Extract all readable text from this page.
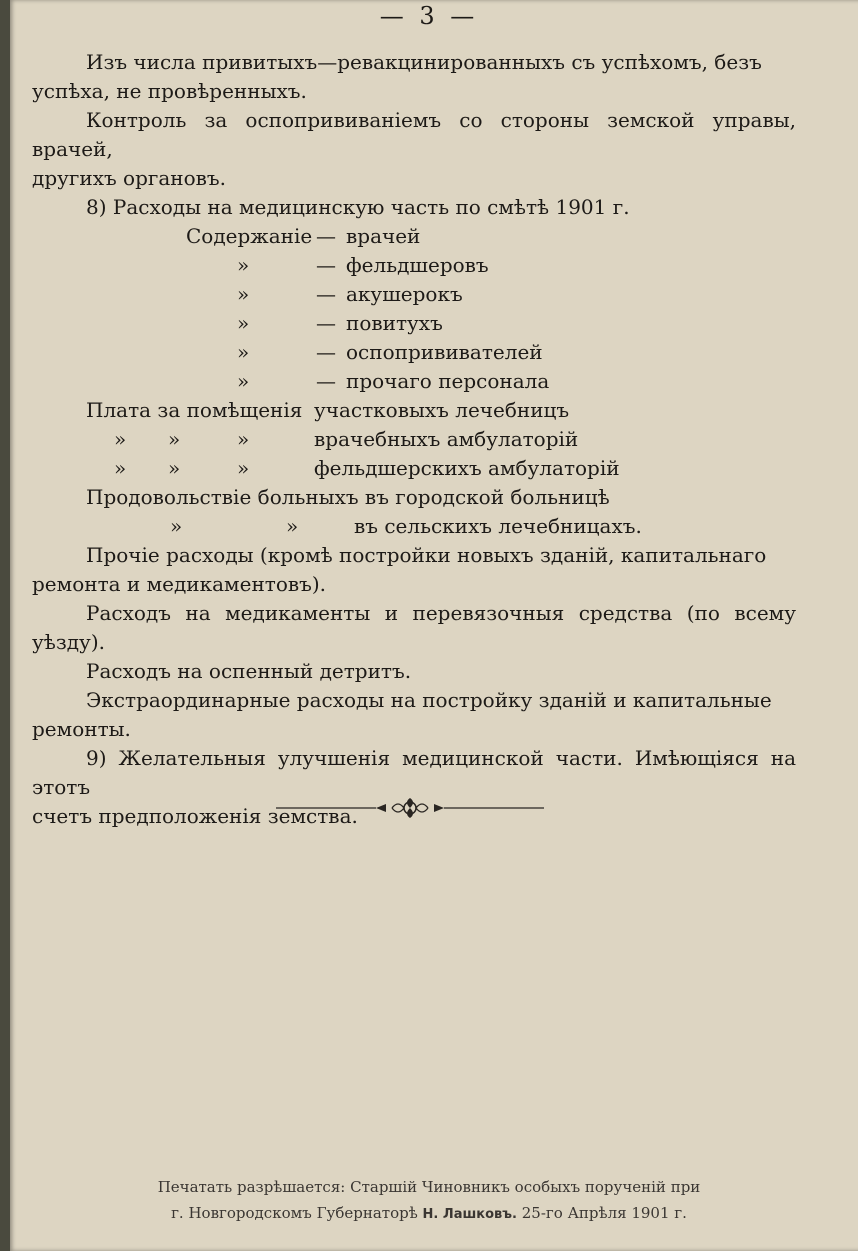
— 3 —

Изъ числа привитыхъ—ревакцинированныхъ съ успѣхомъ, безъ
успѣха, не провѣренныхъ.

Контроль за оспопрививаніемъ со стороны земской управы, врачей,
другихъ органовъ.

8) Расходы на медицинскую часть по смѣтѣ 1901 г.

Содержаніе — врачей
»	— фельдшеровъ
»	— акушерокъ
»	— повитухъ
»	— оспопрививателей
»	— прочаго персонала
Плата за помѣщенія участковыхъ лечебницъ
» »	»	врачебныхъ амбулаторій
» »	»	фельдшерскихъ амбулаторій
Продовольствіе больныхъ въ городской больницѣ
»	»	въ сельскихъ лечебницахъ.

Прочіе расходы (кромѣ постройки новыхъ зданій, капитальнаго
ремонта и медикаментовъ).

Расходъ на медикаменты и перевязочныя средства (по всему уѣзду).

Расходъ на оспенный детритъ.

Экстраординарные расходы на постройку зданій и капитальные
ремонты.

9) Желательныя улучшенія медицинской части. Имѣющіяся на этотъ
счетъ предположенія земства.

Печатать разрѣшается: Старшій Чиновникъ особыхъ порученій при
г. Новгородскомъ Губернаторѣ Н. Лашковъ. 25-го Апрѣля 1901 г.
